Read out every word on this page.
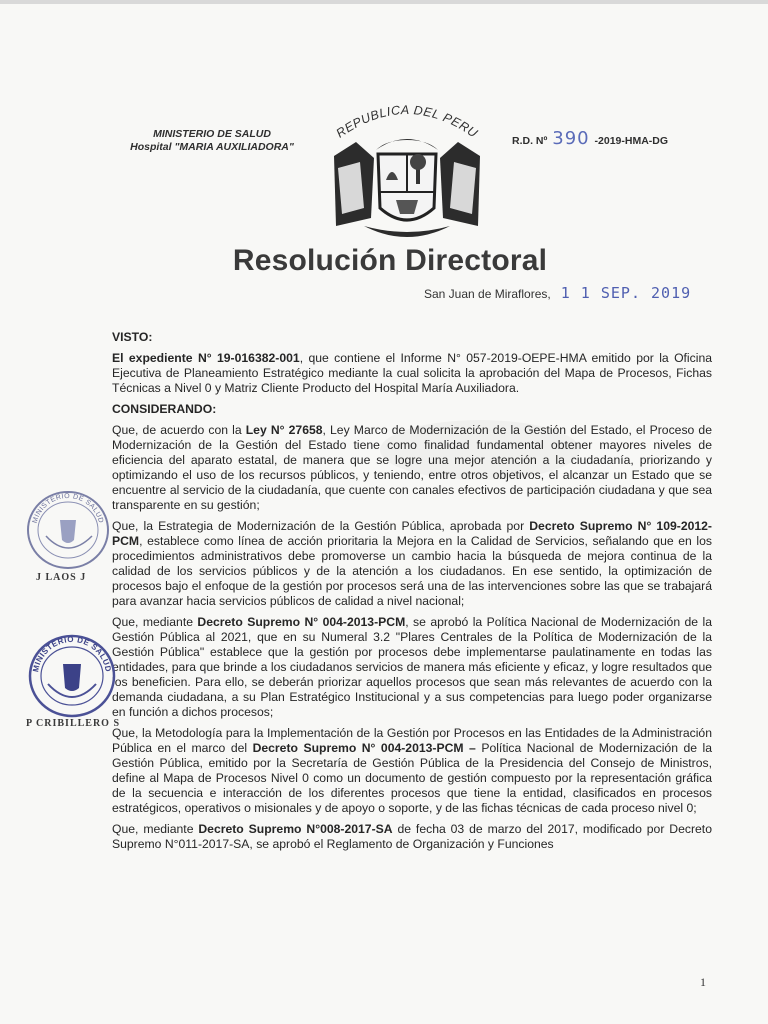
MINISTERIO DE SALUD
Hospital "MARIA AUXILIADORA"
REPUBLICA DEL PERU
R.D. Nº 390 -2019-HMA-DG
Resolución Directoral
San Juan de Miraflores, 1 1 SEP. 2019

VISTO:

El expediente N° 19-016382-001, que contiene el Informe N° 057-2019-OEPE-HMA emitido por la Oficina Ejecutiva de Planeamiento Estratégico mediante la cual solicita la aprobación del Mapa de Procesos, Fichas Técnicas a Nivel 0 y Matriz Cliente Producto del Hospital María Auxiliadora.

CONSIDERANDO:

Que, de acuerdo con la Ley N° 27658, Ley Marco de Modernización de la Gestión del Estado, el Proceso de Modernización de la Gestión del Estado tiene como finalidad fundamental obtener mayores niveles de eficiencia del aparato estatal, de manera que se logre una mejor atención a la ciudadanía, priorizando y optimizando el uso de los recursos públicos, y teniendo, entre otros objetivos, el alcanzar un Estado que se encuentre al servicio de la ciudadanía, que cuente con canales efectivos de participación ciudadana y que sea transparente en su gestión;

Que, la Estrategia de Modernización de la Gestión Pública, aprobada por Decreto Supremo N° 109-2012-PCM, establece como línea de acción prioritaria la Mejora en la Calidad de Servicios, señalando que en los procedimientos administrativos debe promoverse un cambio hacia la búsqueda de mejora continua de la calidad de los servicios públicos y de la atención a los ciudadanos. En ese sentido, la optimización de procesos bajo el enfoque de la gestión por procesos será una de las intervenciones sobre las que se trabajará para avanzar hacia servicios públicos de calidad a nivel nacional;

Que, mediante Decreto Supremo N° 004-2013-PCM, se aprobó la Política Nacional de Modernización de la Gestión Pública al 2021, que en su Numeral 3.2 "Plares Centrales de la Política de Modernización de la Gestión Pública" establece que la gestión por procesos debe implementarse paulatinamente en todas las entidades, para que brinde a los ciudadanos servicios de manera más eficiente y eficaz, y logre resultados que los beneficien. Para ello, se deberán priorizar aquellos procesos que sean más relevantes de acuerdo con la demanda ciudadana, a su Plan Estratégico Institucional y a sus competencias para luego poder organizarse en función a dichos procesos;

Que, la Metodología para la Implementación de la Gestión por Procesos en las Entidades de la Administración Pública en el marco del Decreto Supremo N° 004-2013-PCM – Política Nacional de Modernización de la Gestión Pública, emitido por la Secretaría de Gestión Pública de la Presidencia del Consejo de Ministros, define al Mapa de Procesos Nivel 0 como un documento de gestión compuesto por la representación gráfica de la secuencia e interacción de los diferentes procesos que tiene la entidad, clasificados en procesos estratégicos, operativos o misionales y de apoyo o soporte, y de las fichas técnicas de cada proceso nivel 0;

Que, mediante Decreto Supremo N°008-2017-SA de fecha 03 de marzo del 2017, modificado por Decreto Supremo N°011-2017-SA, se aprobó el Reglamento de Organización y Funciones

MINISTERIO DE SALUD
J LAOS J
MINISTERIO DE SALUD
P CRIBILLERO S
1
